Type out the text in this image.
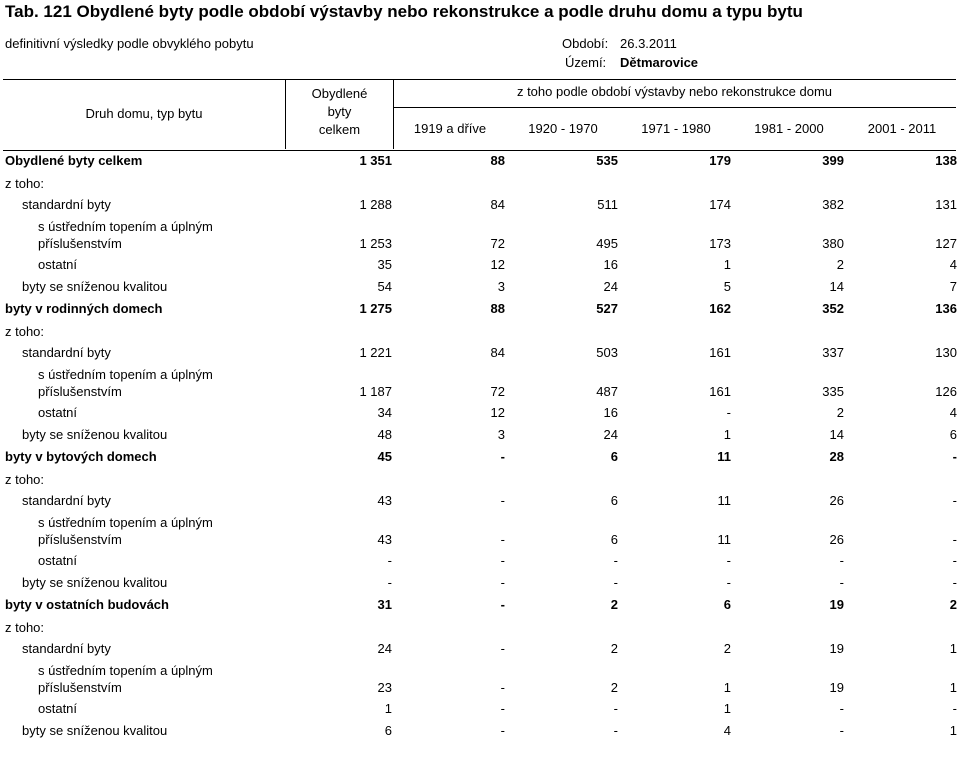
Tab. 121 Obydlené byty podle období výstavby nebo rekonstrukce a podle druhu domu a typu bytu
definitivní výsledky podle obvyklého pobytu	Období: 26.3.2011
Území: Dětmarovice
Druh domu, typ bytu
Obydlené
byty
celkem
z toho podle období výstavby nebo rekonstrukce domu
1919 a dříve	1920 - 1970	1971 - 1980	1981 - 2000	2001 - 2011
Obydlené byty celkem	1 351	88	535	179	399	138
z toho:
standardní byty	1 288	84	511	174	382	131
s ústředním topením a úplným
příslušenstvím	1 253	72	495	173	380	127
ostatní	35	12	16	1	2	4
byty se sníženou kvalitou	54	3	24	5	14	7
byty v rodinných domech	1 275	88	527	162	352	136
z toho:
standardní byty	1 221	84	503	161	337	130
s ústředním topením a úplným
příslušenstvím	1 187	72	487	161	335	126
ostatní	34	12	16	-	2	4
byty se sníženou kvalitou	48	3	24	1	14	6
byty v bytových domech	45	-	6	11	28	-
z toho:
standardní byty	43	-	6	11	26	-
s ústředním topením a úplným
příslušenstvím	43	-	6	11	26	-
ostatní	-	-	-	-	-	-
byty se sníženou kvalitou	-	-	-	-	-	-
byty v ostatních budovách	31	-	2	6	19	2
z toho:
standardní byty	24	-	2	2	19	1
s ústředním topením a úplným
příslušenstvím	23	-	2	1	19	1
ostatní	1	-	-	1	-	-
byty se sníženou kvalitou	6	-	-	4	-	1
